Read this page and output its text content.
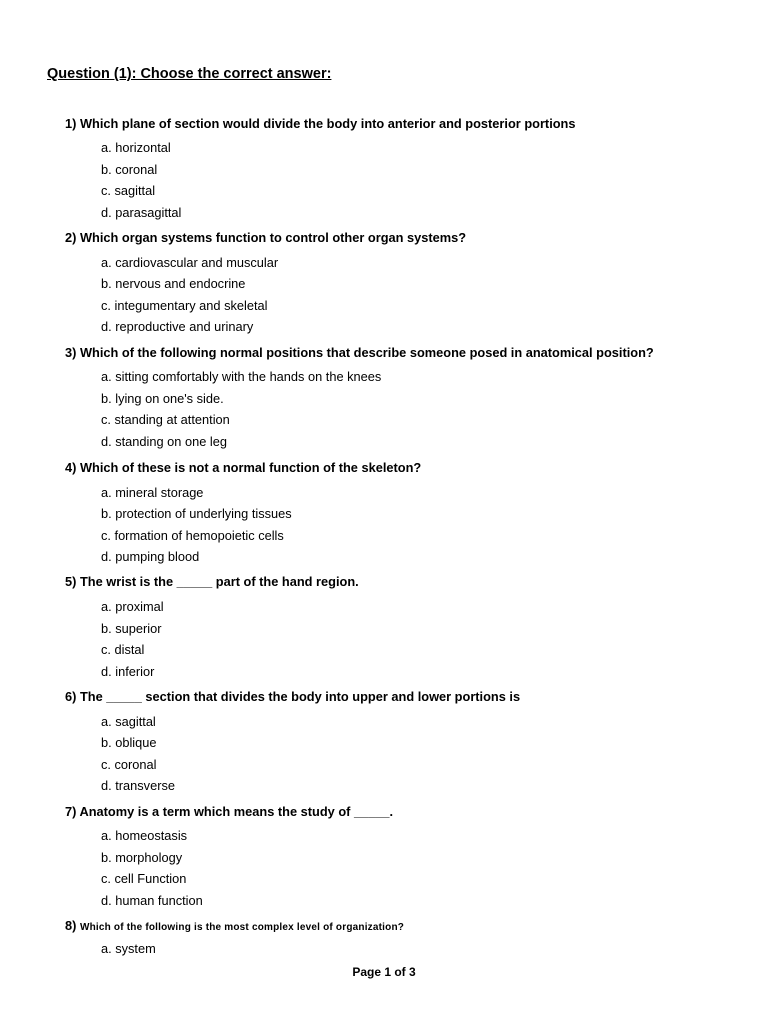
Question (1): Choose the correct answer:
1) Which plane of section would divide the body into anterior and posterior portions
a. horizontal
b. coronal
c. sagittal
d. parasagittal
2) Which organ systems function to control other organ systems?
a. cardiovascular and muscular
b. nervous and endocrine
c. integumentary and skeletal
d. reproductive and urinary
3) Which of the following normal positions that describe someone posed in anatomical position?
a. sitting comfortably with the hands on the knees
b. lying on one's side.
c. standing at attention
d. standing on one leg
4) Which of these is not a normal function of the skeleton?
a. mineral storage
b. protection of underlying tissues
c. formation of hemopoietic cells
d. pumping blood
5) The wrist is the _____ part of the hand region.
a. proximal
b. superior
c. distal
d. inferior
6) The _____ section that divides the body into upper and lower portions is
a. sagittal
b. oblique
c. coronal
d. transverse
7) Anatomy is a term which means the study of _____.
a. homeostasis
b. morphology
c. cell Function
d. human function
8) Which of the following is the most complex level of organization?
a. system
Page 1 of 3
